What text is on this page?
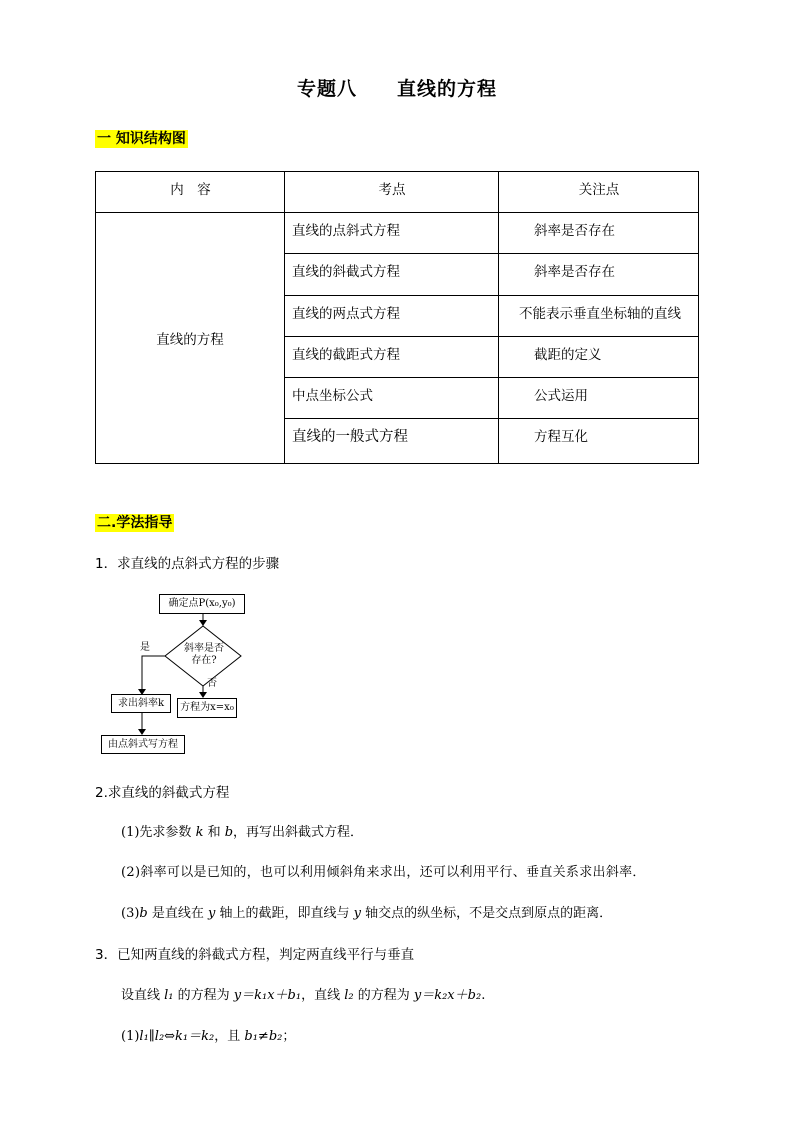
专题八 直线的方程
一 知识结构图
内　容	考点	关注点

直线的方程	直线的点斜式方程	斜率是否存在

	直线的斜截式方程	斜率是否存在

	直线的两点式方程	不能表示垂直坐标轴的直线

	直线的截距式方程	截距的定义

	中点坐标公式	公式运用

	直线的一般式方程	方程互化
二.学法指导
1．求直线的点斜式方程的步骤
确定点P(x₀,y₀)
斜率是否
存在?
是
否
求出斜率k	方程为x=x₀
由点斜式写方程
2.求直线的斜截式方程
(1)先求参数 k 和 b，再写出斜截式方程．
(2)斜率可以是已知的，也可以利用倾斜角来求出，还可以利用平行、垂直关系求出斜率．
(3)b 是直线在 y 轴上的截距，即直线与 y 轴交点的纵坐标，不是交点到原点的距离．
3．已知两直线的斜截式方程，判定两直线平行与垂直
设直线 l₁ 的方程为 y＝k₁x＋b₁，直线 l₂ 的方程为 y＝k₂x＋b₂.
(1)l₁∥l₂⇔k₁＝k₂，且 b₁≠b₂；
